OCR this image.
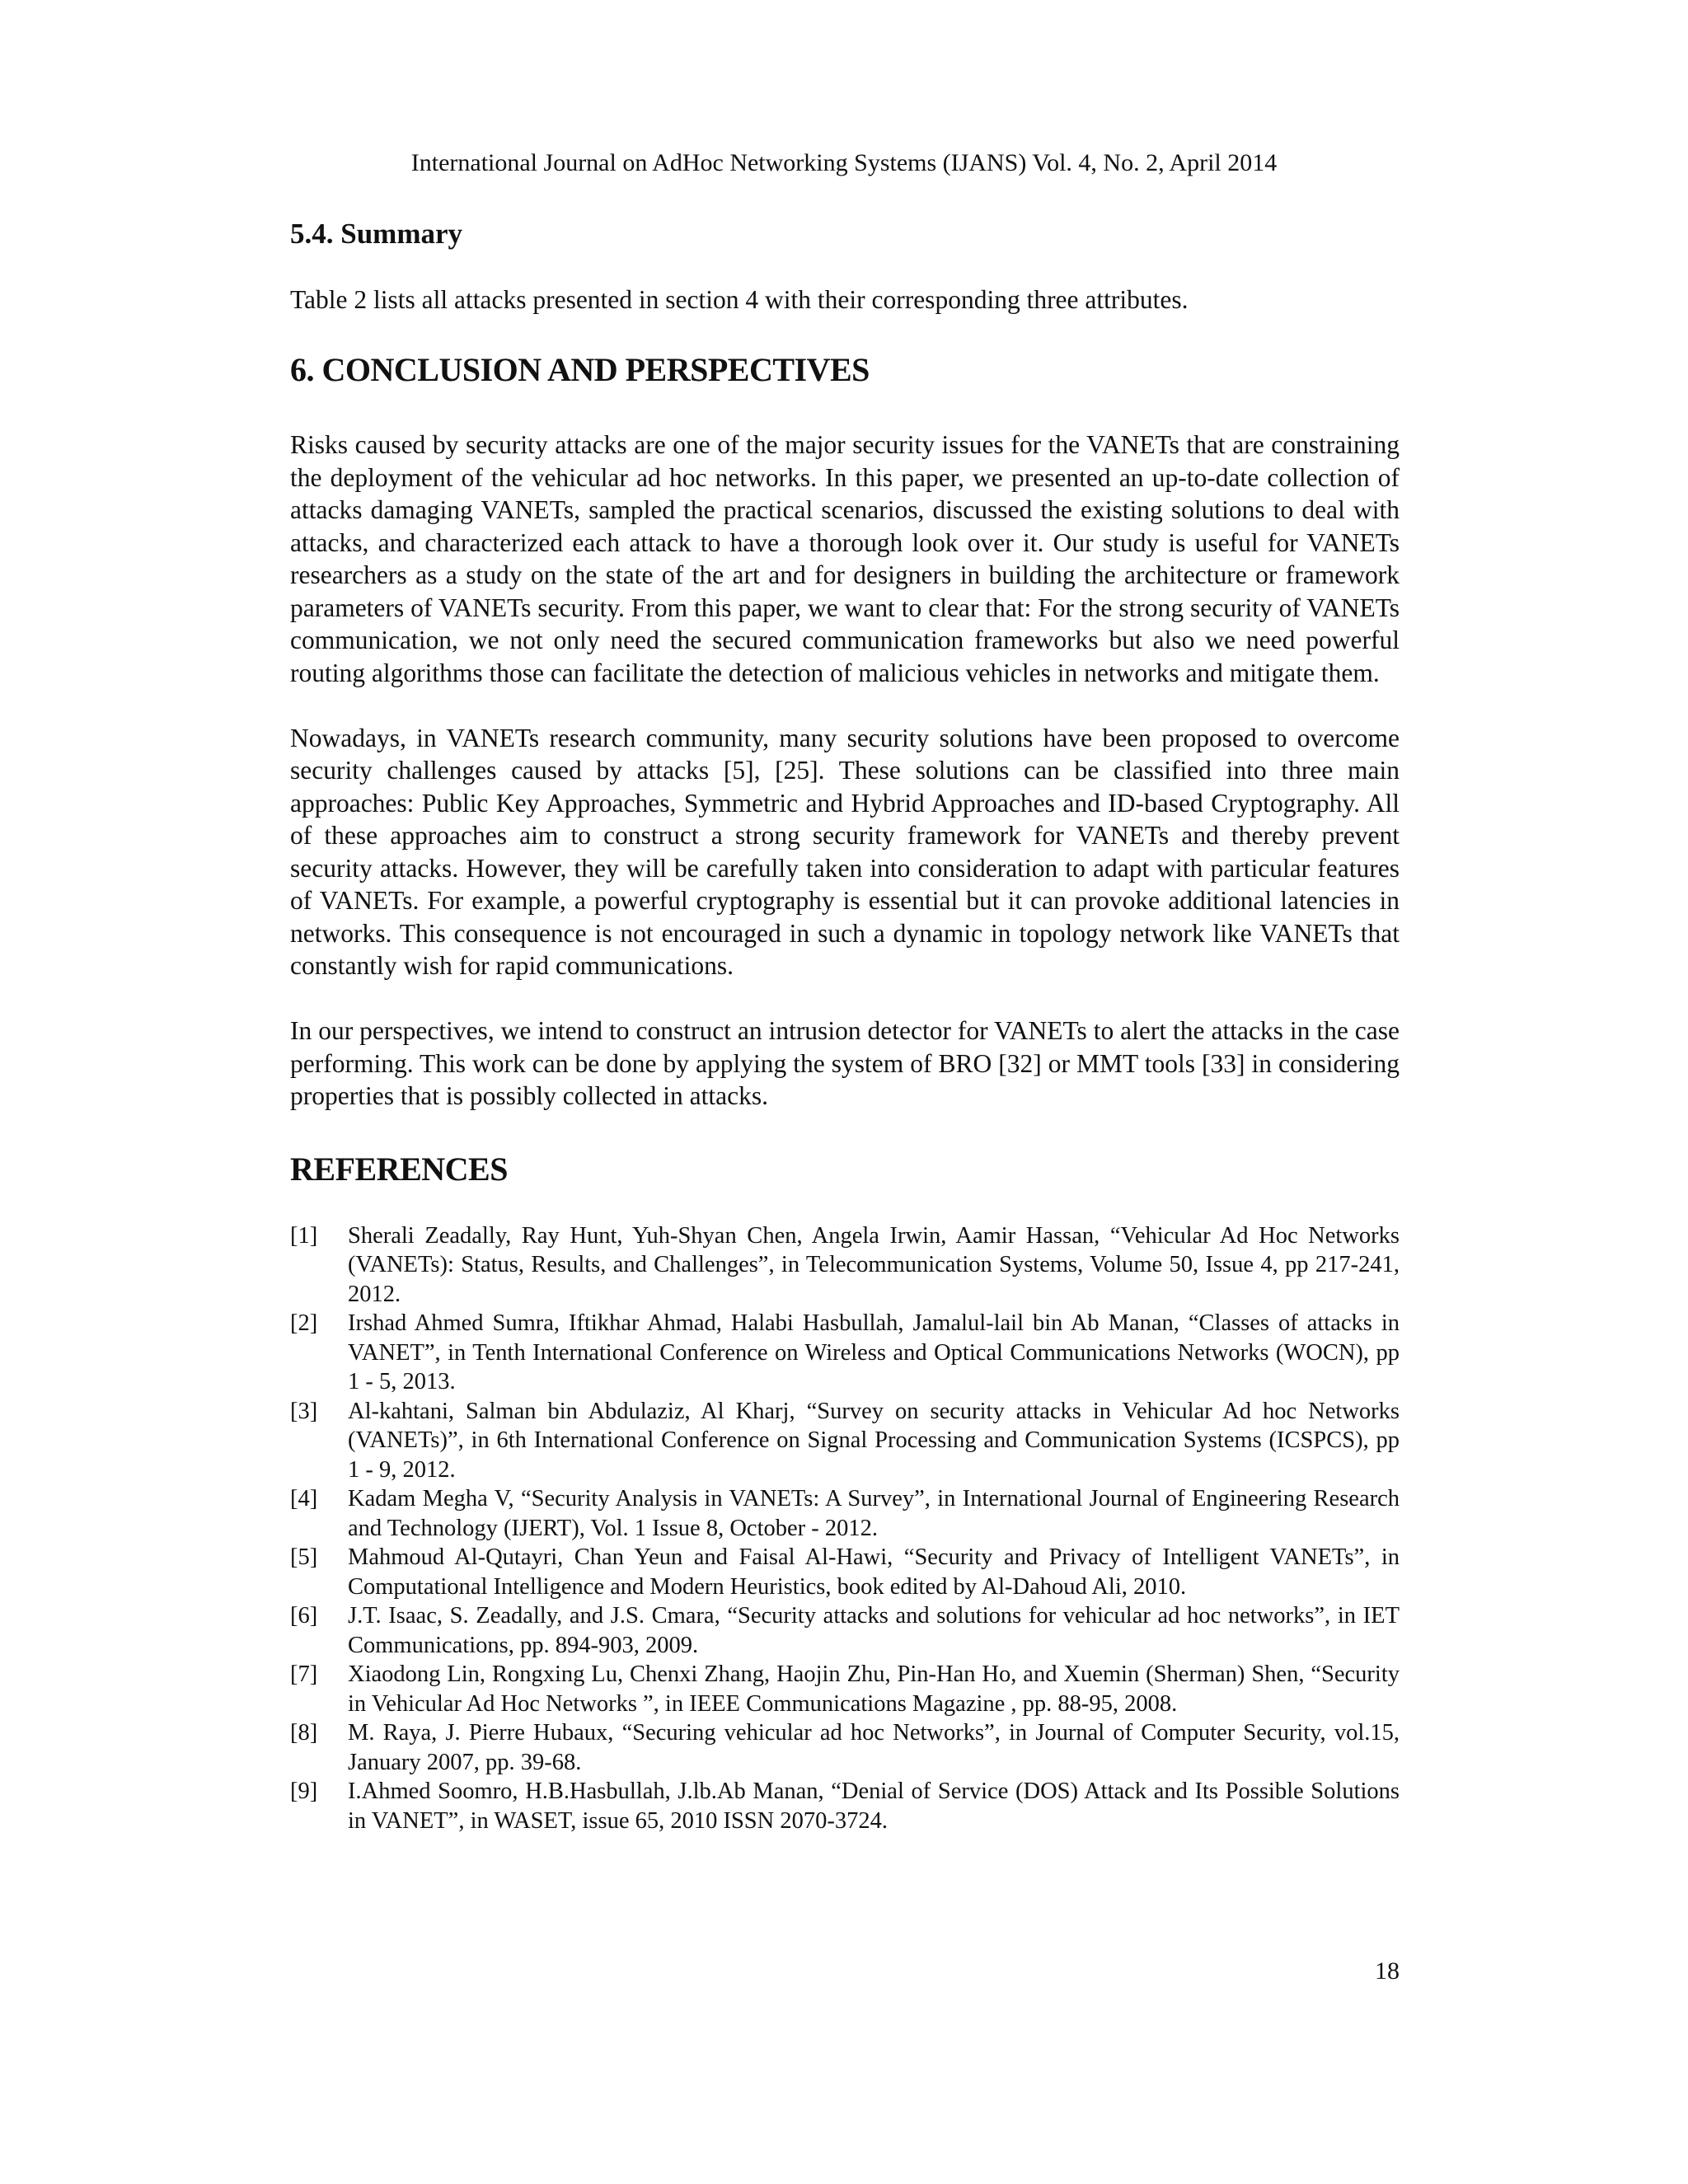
International Journal on AdHoc Networking Systems (IJANS) Vol. 4, No. 2, April 2014
5.4. Summary

Table 2 lists all attacks presented in section 4 with their corresponding three attributes.

6. CONCLUSION AND PERSPECTIVES

Risks caused by security attacks are one of the major security issues for the VANETs that are constraining the deployment of the vehicular ad hoc networks. In this paper, we presented an up-to-date collection of attacks damaging VANETs, sampled the practical scenarios, discussed the existing solutions to deal with attacks, and characterized each attack to have a thorough look over it. Our study is useful for VANETs researchers as a study on the state of the art and for designers in building the architecture or framework parameters of VANETs security. From this paper, we want to clear that: For the strong security of VANETs communication, we not only need the secured communication frameworks but also we need powerful routing algorithms those can facilitate the detection of malicious vehicles in networks and mitigate them.

Nowadays, in VANETs research community, many security solutions have been proposed to overcome security challenges caused by attacks [5], [25]. These solutions can be classified into three main approaches: Public Key Approaches, Symmetric and Hybrid Approaches and ID-based Cryptography. All of these approaches aim to construct a strong security framework for VANETs and thereby prevent security attacks. However, they will be carefully taken into consideration to adapt with particular features of VANETs. For example, a powerful cryptography is essential but it can provoke additional latencies in networks. This consequence is not encouraged in such a dynamic in topology network like VANETs that constantly wish for rapid communications.

In our perspectives, we intend to construct an intrusion detector for VANETs to alert the attacks in the case performing. This work can be done by applying the system of BRO [32] or MMT tools [33] in considering properties that is possibly collected in attacks.

REFERENCES
[1]	Sherali Zeadally, Ray Hunt, Yuh-Shyan Chen, Angela Irwin, Aamir Hassan, “Vehicular Ad Hoc Networks (VANETs): Status, Results, and Challenges”, in Telecommunication Systems, Volume 50, Issue 4, pp 217-241, 2012.
[2]	Irshad Ahmed Sumra, Iftikhar Ahmad, Halabi Hasbullah, Jamalul-lail bin Ab Manan, “Classes of attacks in VANET”, in Tenth International Conference on Wireless and Optical Communications Networks (WOCN), pp 1 - 5, 2013.
[3]	Al-kahtani, Salman bin Abdulaziz, Al Kharj, “Survey on security attacks in Vehicular Ad hoc Networks (VANETs)”, in 6th International Conference on Signal Processing and Communication Systems (ICSPCS), pp 1 - 9, 2012.
[4]	Kadam Megha V, “Security Analysis in VANETs: A Survey”, in International Journal of Engineering Research and Technology (IJERT), Vol. 1 Issue 8, October - 2012.
[5]	Mahmoud Al-Qutayri, Chan Yeun and Faisal Al-Hawi, “Security and Privacy of Intelligent VANETs”, in Computational Intelligence and Modern Heuristics, book edited by Al-Dahoud Ali, 2010.
[6]	J.T. Isaac, S. Zeadally, and J.S. Cmara, “Security attacks and solutions for vehicular ad hoc networks”, in IET Communications, pp. 894-903, 2009.
[7]	Xiaodong Lin, Rongxing Lu, Chenxi Zhang, Haojin Zhu, Pin-Han Ho, and Xuemin (Sherman) Shen, “Security in Vehicular Ad Hoc Networks ”, in IEEE Communications Magazine , pp. 88-95, 2008.
[8]	M. Raya, J. Pierre Hubaux, “Securing vehicular ad hoc Networks”, in Journal of Computer Security, vol.15, January 2007, pp. 39-68.
[9]	I.Ahmed Soomro, H.B.Hasbullah, J.lb.Ab Manan, “Denial of Service (DOS) Attack and Its Possible Solutions in VANET”, in WASET, issue 65, 2010 ISSN 2070-3724.
18
